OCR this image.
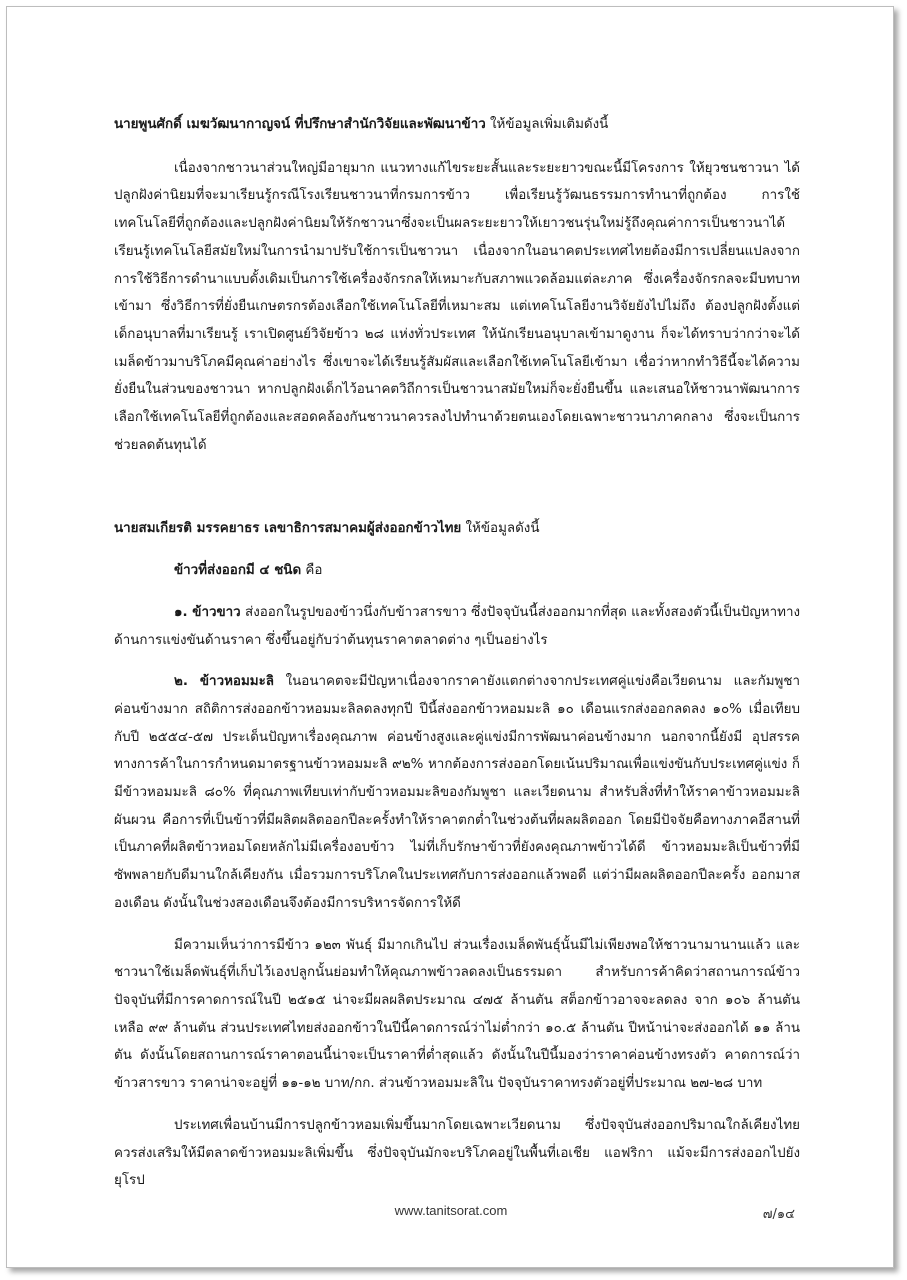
นายพูนศักดิ์ เมฆวัฒนากาญจน์ ที่ปรึกษาสำนักวิจัยและพัฒนาข้าว ให้ข้อมูลเพิ่มเติมดังนี้

เนื่องจากชาวนาส่วนใหญ่มีอายุมาก แนวทางแก้ไขระยะสั้นและระยะยาวขณะนี้มีโครงการ ให้ยุวชนชาวนา ได้ปลูกฝังค่านิยมที่จะมาเรียนรู้กรณีโรงเรียนชาวนาที่กรมการข้าว เพื่อเรียนรู้วัฒนธรรมการทำนาที่ถูกต้อง การใช้เทคโนโลยีที่ถูกต้องและปลูกฝังค่านิยมให้รักชาวนาซึ่งจะเป็นผลระยะยาวให้เยาวชนรุ่นใหม่รู้ถึงคุณค่าการเป็นชาวนาได้เรียนรู้เทคโนโลยีสมัยใหม่ในการนำมาปรับใช้การเป็นชาวนา เนื่องจากในอนาคตประเทศไทยต้องมีการเปลี่ยนแปลงจากการใช้วิธีการดำนาแบบดั้งเดิมเป็นการใช้เครื่องจักรกลให้เหมาะกับสภาพแวดล้อมแต่ละภาค ซึ่งเครื่องจักรกลจะมีบทบาทเข้ามา ซึ่งวิธีการที่ยั่งยืนเกษตรกรต้องเลือกใช้เทคโนโลยีที่เหมาะสม แต่เทคโนโลยีงานวิจัยยังไปไม่ถึง ต้องปลูกฝังตั้งแต่เด็กอนุบาลที่มาเรียนรู้ เราเปิดศูนย์วิจัยข้าว ๒๘ แห่งทั่วประเทศ ให้นักเรียนอนุบาลเข้ามาดูงาน ก็จะได้ทราบว่ากว่าจะได้เมล็ดข้าวมาบริโภคมีคุณค่าอย่างไร ซึ่งเขาจะได้เรียนรู้สัมผัสและเลือกใช้เทคโนโลยีเข้ามา เชื่อว่าหากทำวิธีนี้จะได้ความยั่งยืนในส่วนของชาวนา หากปลูกฝังเด็กไว้อนาคตวิถีการเป็นชาวนาสมัยใหม่ก็จะยั่งยืนขึ้น และเสนอให้ชาวนาพัฒนาการเลือกใช้เทคโนโลยีที่ถูกต้องและสอดคล้องกันชาวนาควรลงไปทำนาด้วยตนเองโดยเฉพาะชาวนาภาคกลาง ซึ่งจะเป็นการช่วยลดต้นทุนได้

นายสมเกียรติ มรรคยาธร เลขาธิการสมาคมผู้ส่งออกข้าวไทย ให้ข้อมูลดังนี้

ข้าวที่ส่งออกมี ๔ ชนิด คือ

๑. ข้าวขาว ส่งออกในรูปของข้าวนึ่งกับข้าวสารขาว ซึ่งปัจจุบันนี้ส่งออกมากที่สุด และทั้งสองตัวนี้เป็นปัญหาทางด้านการแข่งขันด้านราคา ซึ่งขึ้นอยู่กับว่าต้นทุนราคาตลาดต่าง ๆเป็นอย่างไร

๒. ข้าวหอมมะลิ ในอนาคตจะมีปัญหาเนื่องจากราคายังแตกต่างจากประเทศคู่แข่งคือเวียดนาม และกัมพูชาค่อนข้างมาก สถิติการส่งออกข้าวหอมมะลิลดลงทุกปี ปีนี้ส่งออกข้าวหอมมะลิ ๑๐ เดือนแรกส่งออกลดลง ๑๐% เมื่อเทียบกับปี ๒๕๕๔-๕๗ ประเด็นปัญหาเรื่องคุณภาพ ค่อนข้างสูงและคู่แข่งมีการพัฒนาค่อนข้างมาก นอกจากนี้ยังมี อุปสรรคทางการค้าในการกำหนดมาตรฐานข้าวหอมมะลิ ๙๒% หากต้องการส่งออกโดยเน้นปริมาณเพื่อแข่งขันกับประเทศคู่แข่ง ก็มีข้าวหอมมะลิ ๘๐% ที่คุณภาพเทียบเท่ากับข้าวหอมมะลิของกัมพูชา และเวียดนาม สำหรับสิ่งที่ทำให้ราคาข้าวหอมมะลิผันผวน คือการที่เป็นข้าวที่มีผลิตผลิตออกปีละครั้งทำให้ราคาตกต่ำในช่วงต้นที่ผลผลิตออก โดยมีปัจจัยคือทางภาคอีสานที่เป็นภาคที่ผลิตข้าวหอมโดยหลักไม่มีเครื่องอบข้าว ไม่ที่เก็บรักษาข้าวที่ยังคงคุณภาพข้าวได้ดี ข้าวหอมมะลิเป็นข้าวที่มีซัพพลายกับดีมานใกล้เคียงกัน เมื่อรวมการบริโภคในประเทศกับการส่งออกแล้วพอดี แต่ว่ามีผลผลิตออกปีละครั้ง ออกมาสองเดือน ดังนั้นในช่วงสองเดือนจึงต้องมีการบริหารจัดการให้ดี

มีความเห็นว่าการมีข้าว ๑๒๓ พันธุ์ มีมากเกินไป ส่วนเรื่องเมล็ดพันธุ์นั้นมีไม่เพียงพอให้ชาวนามานานแล้ว และชาวนาใช้เมล็ดพันธุ์ที่เก็บไว้เองปลูกนั้นย่อมทำให้คุณภาพข้าวลดลงเป็นธรรมดา สำหรับการค้าคิดว่าสถานการณ์ข้าวปัจจุบันที่มีการคาดการณ์ในปี ๒๕๑๕ น่าจะมีผลผลิตประมาณ ๔๗๕ ล้านตัน สต็อกข้าวอาจจะลดลง จาก ๑๐๖ ล้านตัน เหลือ ๙๙ ล้านตัน ส่วนประเทศไทยส่งออกข้าวในปีนี้คาดการณ์ว่าไม่ต่ำกว่า ๑๐.๕ ล้านตัน ปีหน้าน่าจะส่งออกได้ ๑๑ ล้านตัน ดังนั้นโดยสถานการณ์ราคาตอนนี้น่าจะเป็นราคาที่ต่ำสุดแล้ว ดังนั้นในปีนี้มองว่าราคาค่อนข้างทรงตัว คาดการณ์ว่าข้าวสารขาว ราคาน่าจะอยู่ที่ ๑๑-๑๒ บาท/กก. ส่วนข้าวหอมมะลิใน ปัจจุบันราคาทรงตัวอยู่ที่ประมาณ ๒๗-๒๘ บาท

ประเทศเพื่อนบ้านมีการปลูกข้าวหอมเพิ่มขึ้นมากโดยเฉพาะเวียดนาม ซึ่งปัจจุบันส่งออกปริมาณใกล้เคียงไทย ควรส่งเสริมให้มีตลาดข้าวหอมมะลิเพิ่มขึ้น ซึ่งปัจจุบันมักจะบริโภคอยู่ในพื้นที่เอเชีย แอฟริกา แม้จะมีการส่งออกไปยังยุโรป

www.tanitsorat.com	๗/๑๔
